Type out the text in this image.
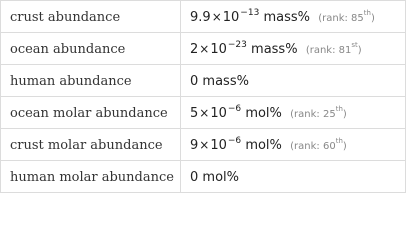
crust abundance	$9.9\times 10^{-13}$ mass% (rank: 85th)
ocean abundance	$2\times 10^{-23}$ mass% (rank: 81st)
human abundance	0 mass%
ocean molar abundance	$5\times 10^{-6}$ mol% (rank: 25th)
crust molar abundance	$9\times 10^{-6}$ mol% (rank: 60th)
human molar abundance	0 mol%
